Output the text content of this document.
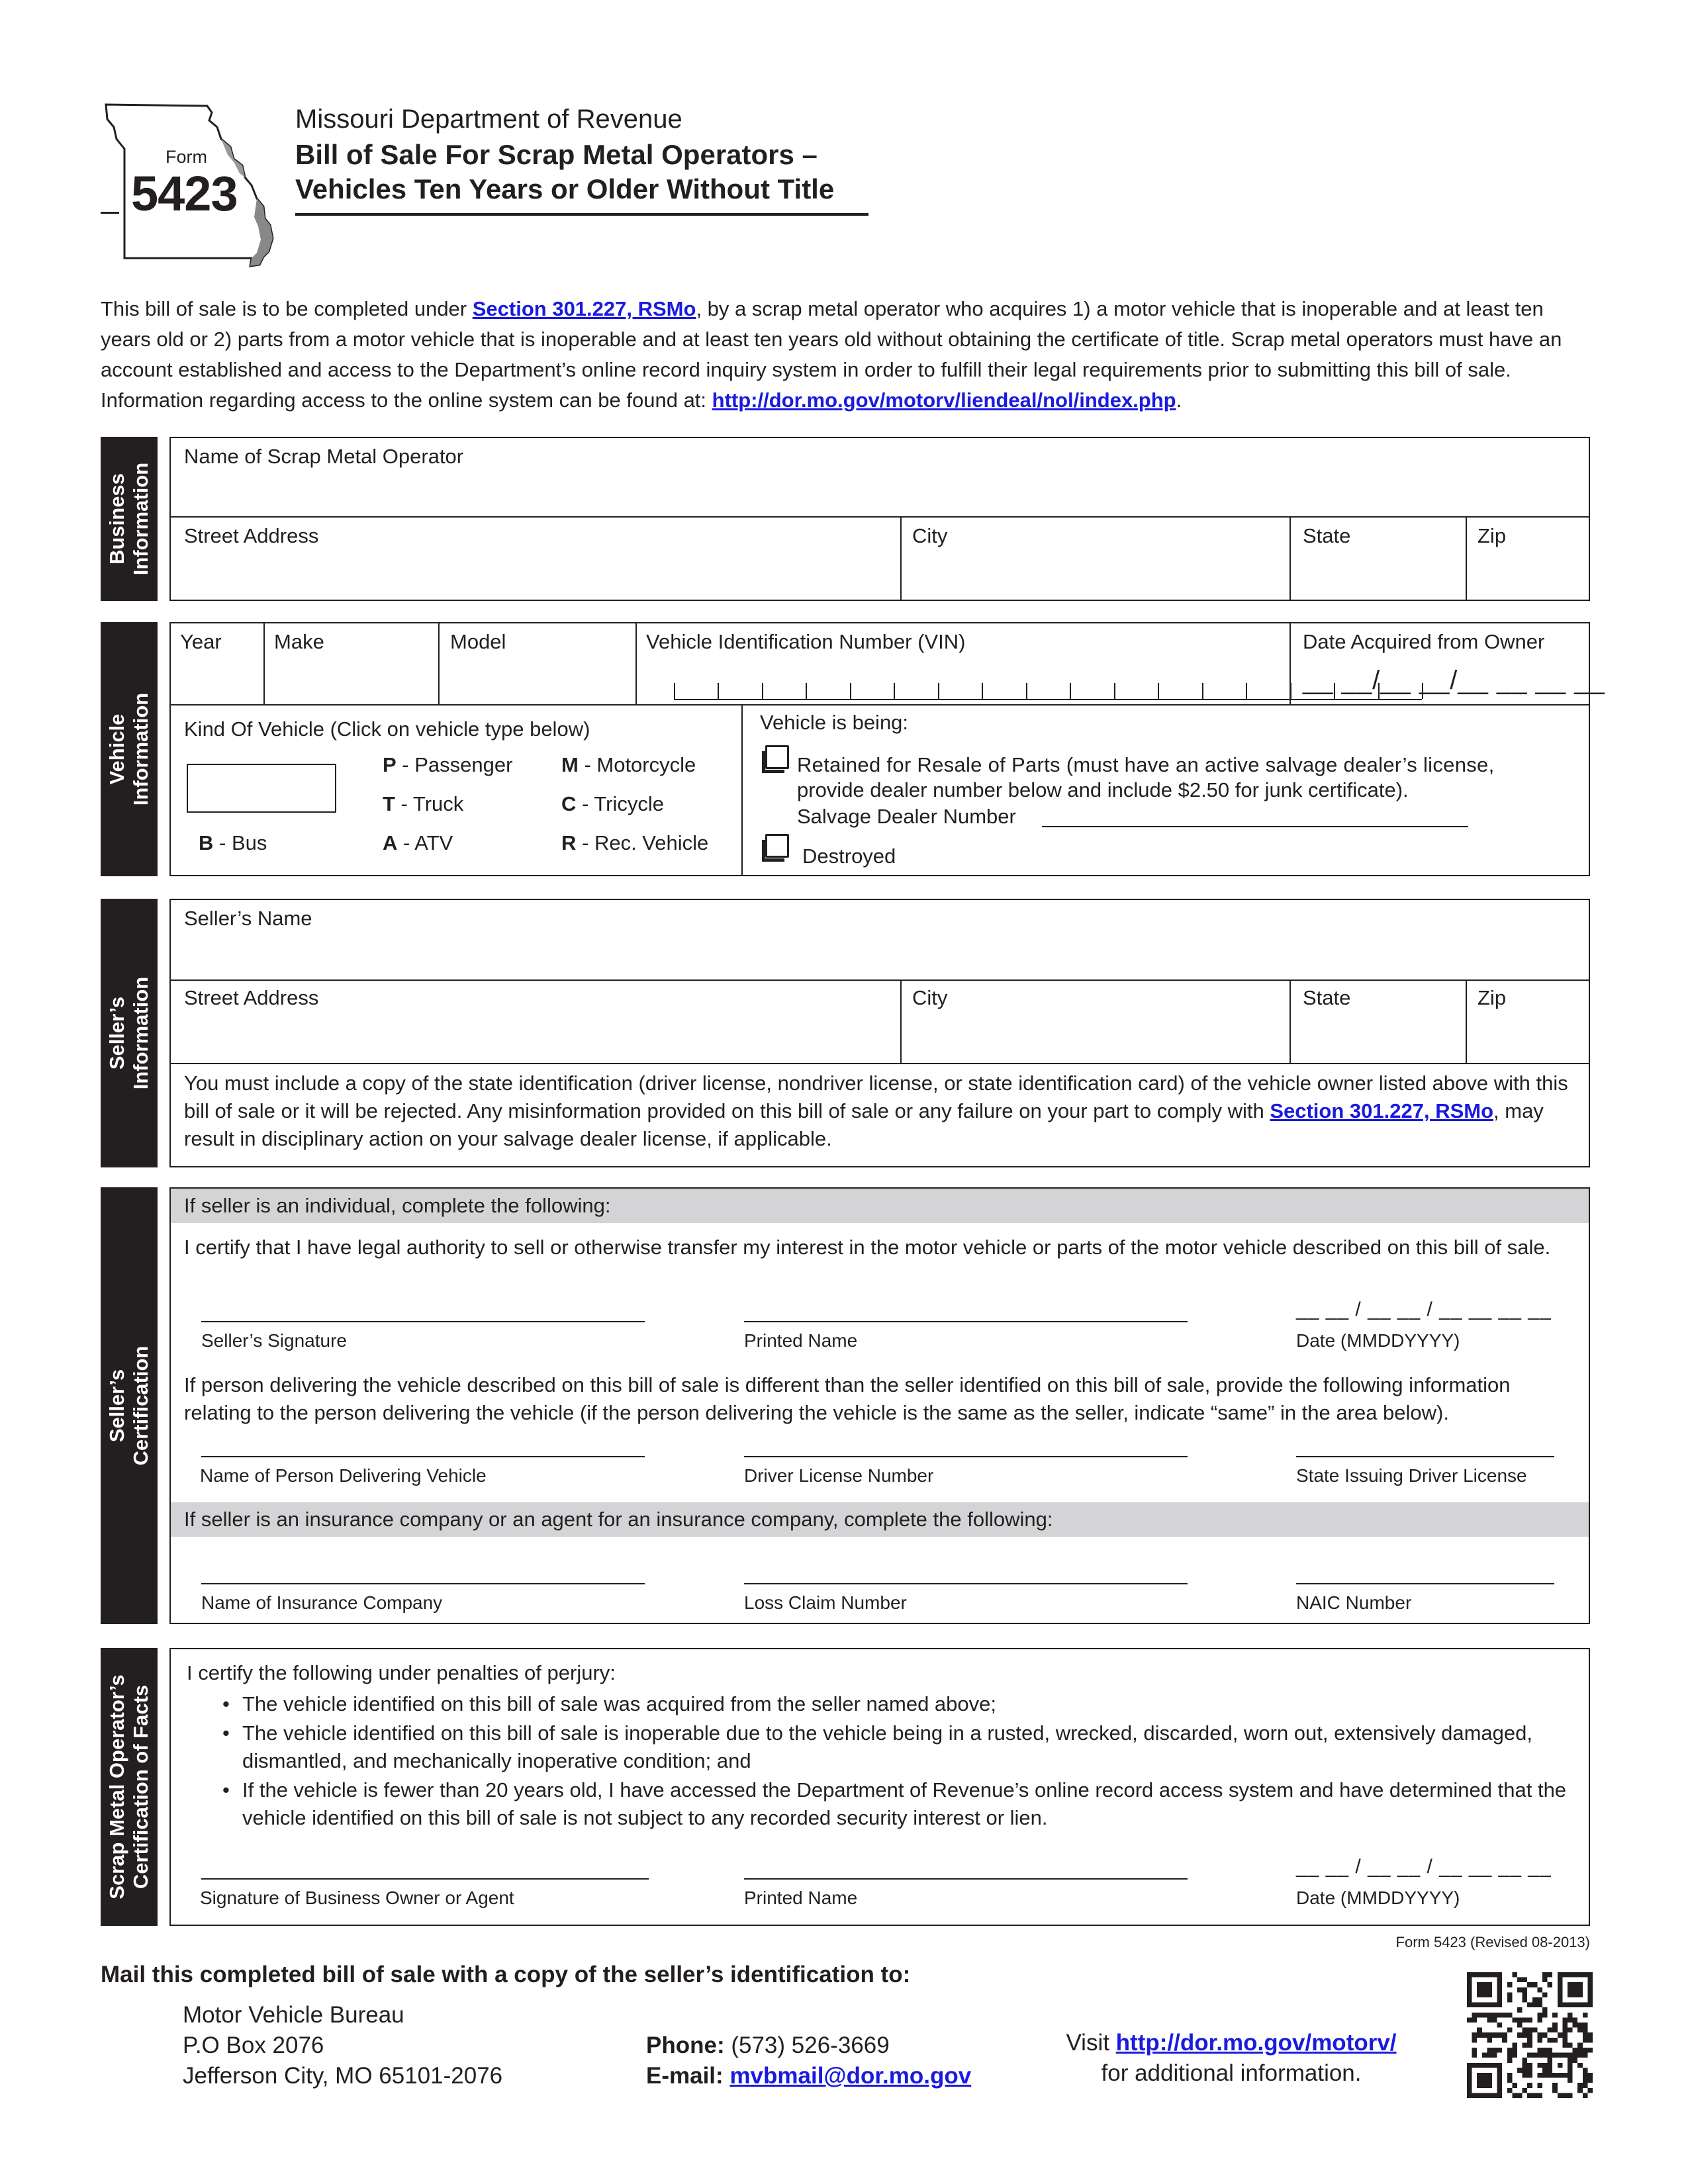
Form
5423
Missouri Department of Revenue
Bill of Sale For Scrap Metal Operators –
Vehicles Ten Years or Older Without Title
This bill of sale is to be completed under Section 301.227, RSMo, by a scrap metal operator who acquires 1) a motor vehicle that is inoperable and at least ten years old or 2) parts from a motor vehicle that is inoperable and at least ten years old without obtaining the certificate of title. Scrap metal operators must have an account established and access to the Department’s online record inquiry system in order to fulfill their legal requirements prior to submitting this bill of sale. Information regarding access to the online system can be found at: http://dor.mo.gov/motorv/liendeal/nol/index.php.
Business Information
Name of Scrap Metal Operator
Street Address	City	State	Zip
Vehicle Information
Year	Make	Model	Vehicle Identification Number (VIN)	Date Acquired from Owner
__ __/__ __/__ __ __ __
Kind Of Vehicle (Click on vehicle type below)
P - Passenger M - Motorcycle
T - Truck	C - Tricycle
B - Bus	A - ATV	R - Rec. Vehicle
Vehicle is being:
Retained for Resale of Parts (must have an active salvage dealer’s license,
provide dealer number below and include $2.50 for junk certificate).
Salvage Dealer Number
Destroyed
Seller’s Information
Seller’s Name
Street Address	City	State	Zip
You must include a copy of the state identification (driver license, nondriver license, or state identification card) of the vehicle owner listed above with this bill of sale or it will be rejected. Any misinformation provided on this bill of sale or any failure on your part to comply with Section 301.227, RSMo, may result in disciplinary action on your salvage dealer license, if applicable.
Seller’s Certification
If seller is an individual, complete the following:
I certify that I have legal authority to sell or otherwise transfer my interest in the motor vehicle or parts of the motor vehicle described on this bill of sale.
Seller’s Signature	Printed Name
__ __ / __ __ / __ __ __ __
Date (MMDDYYYY)
If person delivering the vehicle described on this bill of sale is different than the seller identified on this bill of sale, provide the following information relating to the person delivering the vehicle (if the person delivering the vehicle is the same as the seller, indicate “same” in the area below).
Name of Person Delivering Vehicle	Driver License Number	State Issuing Driver License
If seller is an insurance company or an agent for an insurance company, complete the following:
Name of Insurance Company	Loss Claim Number	NAIC Number
Scrap Metal Operator’s Certification of Facts
I certify the following under penalties of perjury:
• The vehicle identified on this bill of sale was acquired from the seller named above;
• The vehicle identified on this bill of sale is inoperable due to the vehicle being in a rusted, wrecked, discarded, worn out, extensively damaged, dismantled, and mechanically inoperative condition; and
• If the vehicle is fewer than 20 years old, I have accessed the Department of Revenue’s online record access system and have determined that the vehicle identified on this bill of sale is not subject to any recorded security interest or lien.
Signature of Business Owner or Agent	Printed Name
__ __ / __ __ / __ __ __ __
Date (MMDDYYYY)
Form 5423 (Revised 08-2013)
Mail this completed bill of sale with a copy of the seller’s identification to:
Motor Vehicle Bureau
P.O Box 2076
Jefferson City, MO 65101-2076
Phone: (573) 526-3669
E-mail: mvbmail@dor.mo.gov
Visit http://dor.mo.gov/motorv/
for additional information.
